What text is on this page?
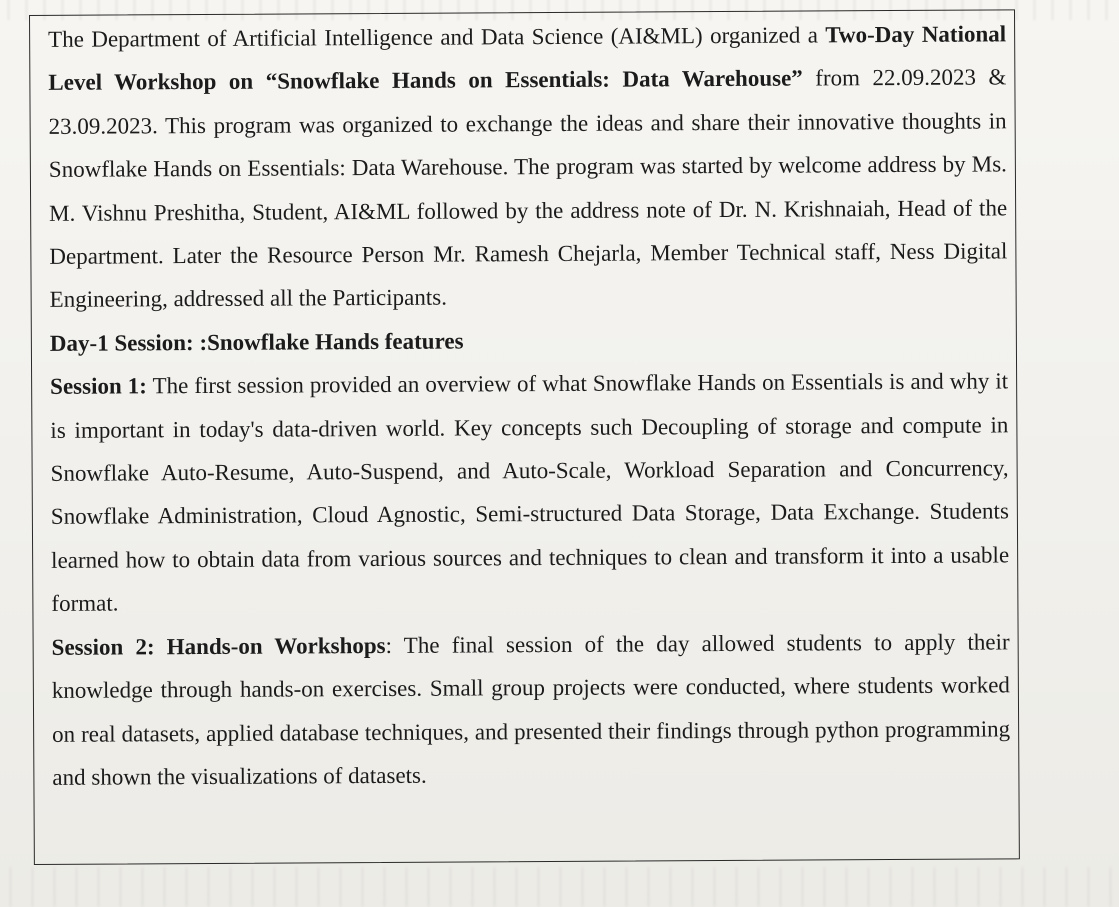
The Department of Artificial Intelligence and Data Science (AI&ML) organized a Two-Day National Level Workshop on “Snowflake Hands on Essentials: Data Warehouse” from 22.09.2023 & 23.09.2023. This program was organized to exchange the ideas and share their innovative thoughts in Snowflake Hands on Essentials: Data Warehouse. The program was started by welcome address by Ms. M. Vishnu Preshitha, Student, AI&ML followed by the address note of Dr. N. Krishnaiah, Head of the Department. Later the Resource Person Mr. Ramesh Chejarla, Member Technical staff, Ness Digital Engineering, addressed all the Participants.

Day-1 Session: :Snowflake Hands features

Session 1: The first session provided an overview of what Snowflake Hands on Essentials is and why it is important in today's data-driven world. Key concepts such Decoupling of storage and compute in Snowflake Auto-Resume, Auto-Suspend, and Auto-Scale, Workload Separation and Concurrency, Snowflake Administration, Cloud Agnostic, Semi-structured Data Storage, Data Exchange. Students learned how to obtain data from various sources and techniques to clean and transform it into a usable format.

Session 2: Hands-on Workshops: The final session of the day allowed students to apply their knowledge through hands-on exercises. Small group projects were conducted, where students worked on real datasets, applied database techniques, and presented their findings through python programming and shown the visualizations of datasets.
